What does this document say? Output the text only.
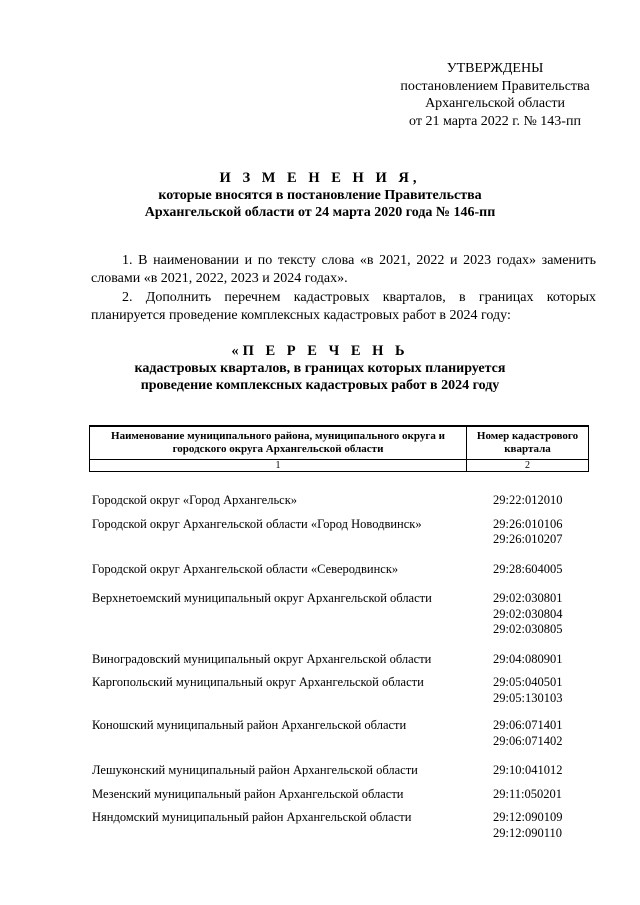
УТВЕРЖДЕНЫ
постановлением Правительства
Архангельской области
от 21 марта 2022 г. № 143-пп
И З М Е Н Е Н И Я,
которые вносятся в постановление Правительства
Архангельской области от 24 марта 2020 года № 146-пп
1. В наименовании и по тексту слова «в 2021, 2022 и 2023 годах» заменить словами «в 2021, 2022, 2023 и 2024 годах».
2. Дополнить перечнем кадастровых кварталов, в границах которых планируется проведение комплексных кадастровых работ в 2024 году:
«П Е Р Е Ч Е Н Ь
кадастровых кварталов, в границах которых планируется
проведение комплексных кадастровых работ в 2024 году
Наименование муниципального района, муниципального округа и городского округа Архангельской области	Номер кадастрового квартала
1	2
Городской округ «Город Архангельск»	29:22:012010
Городской округ Архангельской области «Город Новодвинск»	29:26:010106
29:26:010207
Городской округ Архангельской области «Северодвинск»	29:28:604005
Верхнетоемский муниципальный округ Архангельской области	29:02:030801
29:02:030804
29:02:030805
Виноградовский муниципальный округ Архангельской области	29:04:080901
Каргопольский муниципальный округ Архангельской области	29:05:040501
29:05:130103
Коношский муниципальный район Архангельской области	29:06:071401
29:06:071402
Лешуконский муниципальный район Архангельской области	29:10:041012
Мезенский муниципальный район Архангельской области	29:11:050201
Няндомский муниципальный район Архангельской области	29:12:090109
29:12:090110
